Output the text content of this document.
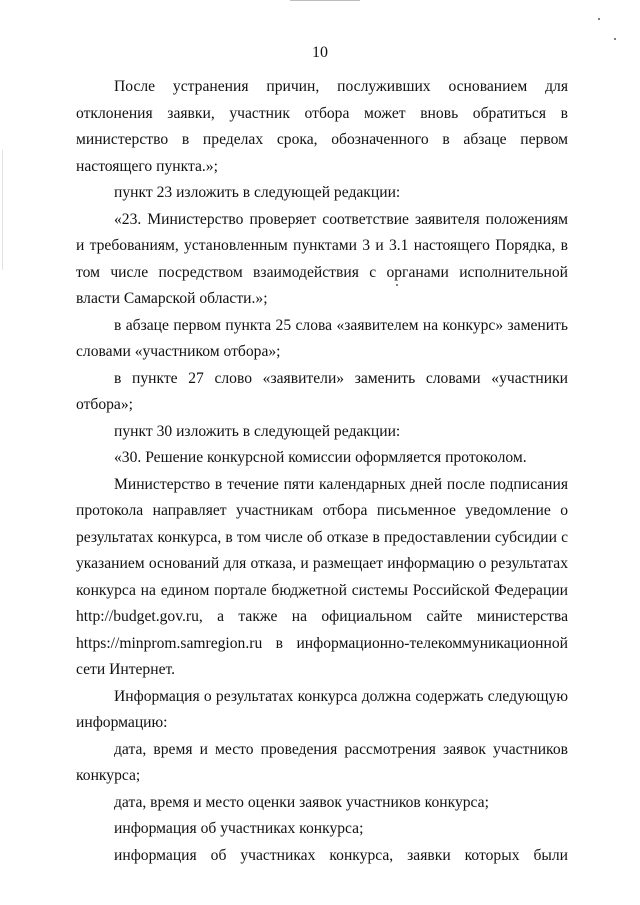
10

После устранения причин, послуживших основанием для отклонения заявки, участник отбора может вновь обратиться в министерство в пределах срока, обозначенного в абзаце первом настоящего пункта.»;

пункт 23 изложить в следующей редакции:

«23. Министерство проверяет соответствие заявителя положениям и требованиям, установленным пунктами 3 и 3.1 настоящего Порядка, в том числе посредством взаимодействия с органами исполнительной власти Самарской области.»;

в абзаце первом пункта 25 слова «заявителем на конкурс» заменить словами «участником отбора»;

в пункте 27 слово «заявители» заменить словами «участники отбора»;

пункт 30 изложить в следующей редакции:

«30. Решение конкурсной комиссии оформляется протоколом.

Министерство в течение пяти календарных дней после подписания протокола направляет участникам отбора письменное уведомление о результатах конкурса, в том числе об отказе в предоставлении субсидии с указанием оснований для отказа, и размещает информацию о результатах конкурса на едином портале бюджетной системы Российской Федерации http://budget.gov.ru, а также на официальном сайте министерства https://minprom.samregion.ru в информационно-телекоммуникационной сети Интернет.

Информация о результатах конкурса должна содержать следующую информацию:

дата, время и место проведения рассмотрения заявок участников конкурса;

дата, время и место оценки заявок участников конкурса;

информация об участниках конкурса;

информация об участниках конкурса, заявки которых были
